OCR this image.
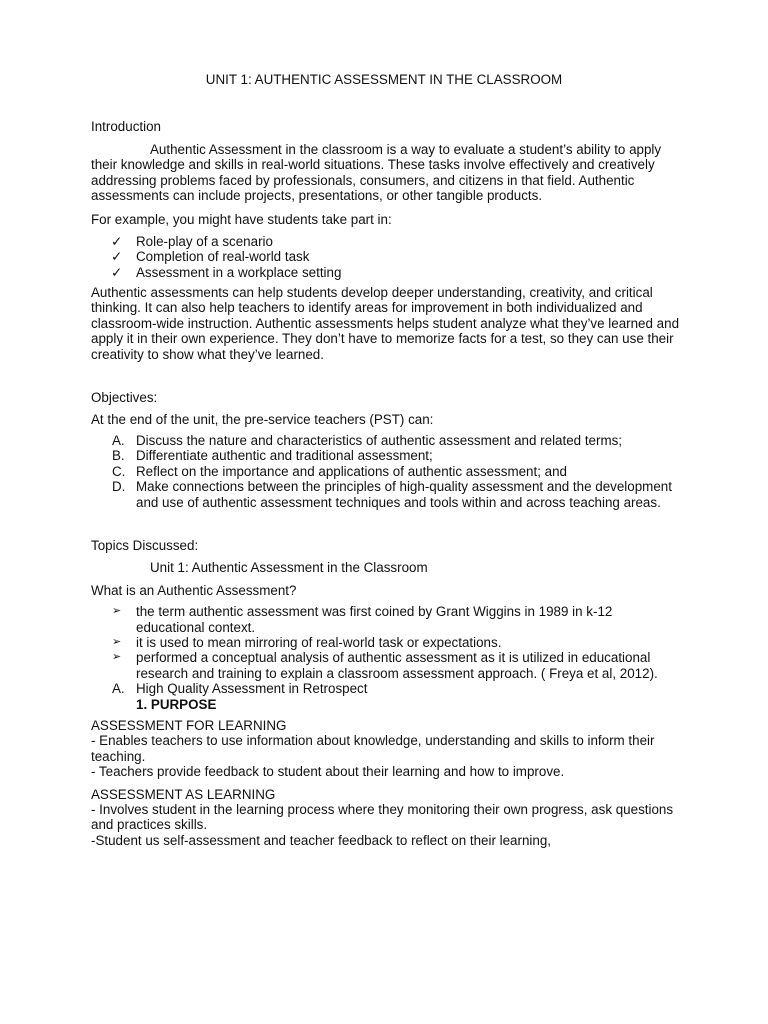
UNIT 1: AUTHENTIC ASSESSMENT IN THE CLASSROOM

Introduction

Authentic Assessment in the classroom is a way to evaluate a student’s ability to apply their knowledge and skills in real-world situations. These tasks involve effectively and creatively addressing problems faced by professionals, consumers, and citizens in that field. Authentic assessments can include projects, presentations, or other tangible products.

For example, you might have students take part in:

✓	Role-play of a scenario
✓	Completion of real-world task
✓	Assessment in a workplace setting

Authentic assessments can help students develop deeper understanding, creativity, and critical thinking. It can also help teachers to identify areas for improvement in both individualized and classroom-wide instruction. Authentic assessments helps student analyze what they’ve learned and apply it in their own experience. They don’t have to memorize facts for a test, so they can use their creativity to show what they’ve learned.

Objectives:

At the end of the unit, the pre-service teachers (PST) can:

A. Discuss the nature and characteristics of authentic assessment and related terms;
B. Differentiate authentic and traditional assessment;
C. Reflect on the importance and applications of authentic assessment; and
D. Make connections between the principles of high-quality assessment and the development and use of authentic assessment techniques and tools within and across teaching areas.

Topics Discussed:

Unit 1: Authentic Assessment in the Classroom

What is an Authentic Assessment?

➢	the term authentic assessment was first coined by Grant Wiggins in 1989 in k-12 educational context.
➢	it is used to mean mirroring of real-world task or expectations.
➢	performed a conceptual analysis of authentic assessment as it is utilized in educational research and training to explain a classroom assessment approach. ( Freya et al, 2012).
A. High Quality Assessment in Retrospect

1. PURPOSE

ASSESSMENT FOR LEARNING

- Enables teachers to use information about knowledge, understanding and skills to inform their teaching.

- Teachers provide feedback to student about their learning and how to improve.

ASSESSMENT AS LEARNING

- Involves student in the learning process where they monitoring their own progress, ask questions and practices skills.

-Student us self-assessment and teacher feedback to reflect on their learning,
